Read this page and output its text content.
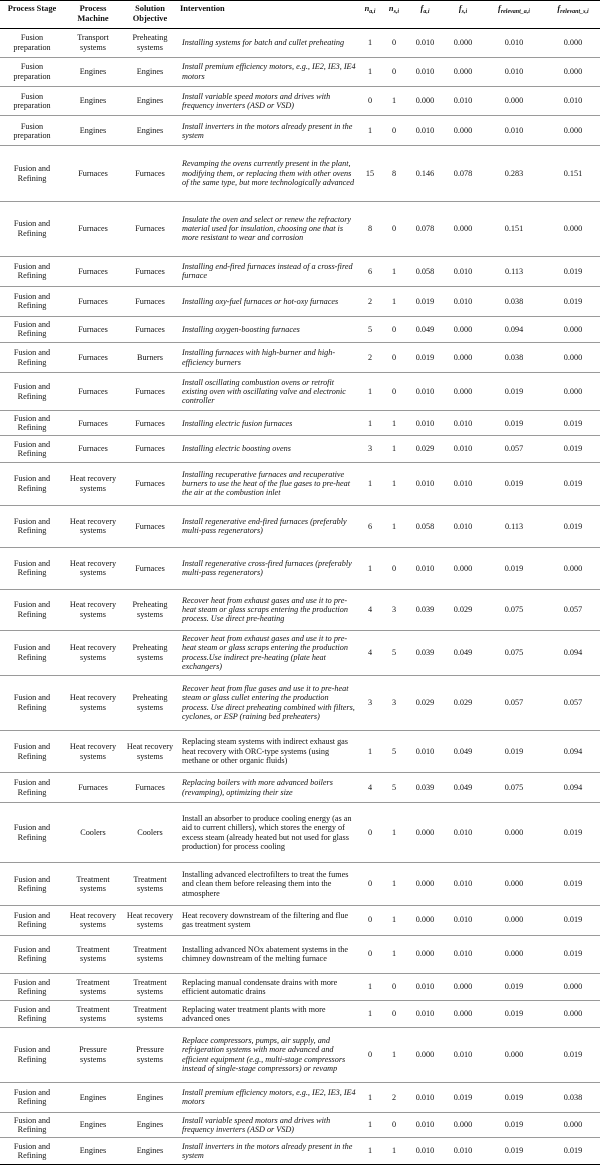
Process Stage	Process Machine	Solution Objective	Intervention	$n_{a,i}$	$n_{s,i}$	$f_{a,i}$	$f_{s,i}$	$f_{relevant\_a,i}$	$f_{relevant\_s,i}$
Fusion preparation	Transport systems	Preheating systems	Installing systems for batch and cullet preheating	1	0	0.010	0.000	0.010	0.000
Fusion preparation	Engines	Engines	Install premium efficiency motors, e.g., IE2, IE3, IE4 motors	1	0	0.010	0.000	0.010	0.000
Fusion preparation	Engines	Engines	Install variable speed motors and drives with frequency inverters (ASD or VSD)	0	1	0.000	0.010	0.000	0.010
Fusion preparation	Engines	Engines	Install inverters in the motors already present in the system	1	0	0.010	0.000	0.010	0.000
Fusion and Refining	Furnaces	Furnaces	Revamping the ovens currently present in the plant, modifying them, or replacing them with other ovens of the same type, but more technologically advanced	15	8	0.146	0.078	0.283	0.151
Fusion and Refining	Furnaces	Furnaces	Insulate the oven and select or renew the refractory material used for insulation, choosing one that is more resistant to wear and corrosion	8	0	0.078	0.000	0.151	0.000
Fusion and Refining	Furnaces	Furnaces	Installing end-fired furnaces instead of a cross-fired furnace	6	1	0.058	0.010	0.113	0.019
Fusion and Refining	Furnaces	Furnaces	Installing oxy-fuel furnaces or hot-oxy furnaces	2	1	0.019	0.010	0.038	0.019
Fusion and Refining	Furnaces	Furnaces	Installing oxygen-boosting furnaces	5	0	0.049	0.000	0.094	0.000
Fusion and Refining	Furnaces	Burners	Installing furnaces with high-burner and high-efficiency burners	2	0	0.019	0.000	0.038	0.000
Fusion and Refining	Furnaces	Furnaces	Install oscillating combustion ovens or retrofit existing oven with oscillating valve and electronic controller	1	0	0.010	0.000	0.019	0.000
Fusion and Refining	Furnaces	Furnaces	Installing electric fusion furnaces	1	1	0.010	0.010	0.019	0.019
Fusion and Refining	Furnaces	Furnaces	Installing electric boosting ovens	3	1	0.029	0.010	0.057	0.019
Fusion and Refining	Heat recovery systems	Furnaces	Installing recuperative furnaces and recuperative burners to use the heat of the flue gases to pre-heat the air at the combustion inlet	1	1	0.010	0.010	0.019	0.019
Fusion and Refining	Heat recovery systems	Furnaces	Install regenerative end-fired furnaces (preferably multi-pass regenerators)	6	1	0.058	0.010	0.113	0.019
Fusion and Refining	Heat recovery systems	Furnaces	Install regenerative cross-fired furnaces (preferably multi-pass regenerators)	1	0	0.010	0.000	0.019	0.000
Fusion and Refining	Heat recovery systems	Preheating systems	Recover heat from exhaust gases and use it to pre-heat steam or glass scraps entering the production process. Use direct pre-heating	4	3	0.039	0.029	0.075	0.057
Fusion and Refining	Heat recovery systems	Preheating systems	Recover heat from exhaust gases and use it to pre-heat steam or glass scraps entering the production process.Use indirect pre-heating (plate heat exchangers)	4	5	0.039	0.049	0.075	0.094
Fusion and Refining	Heat recovery systems	Preheating systems	Recover heat from flue gases and use it to pre-heat steam or glass cullet entering the production process. Use direct preheating combined with filters, cyclones, or ESP (raining bed preheaters)	3	3	0.029	0.029	0.057	0.057
Fusion and Refining	Heat recovery systems	Heat recovery systems	Replacing steam systems with indirect exhaust gas heat recovery with ORC-type systems (using methane or other organic fluids)	1	5	0.010	0.049	0.019	0.094
Fusion and Refining	Furnaces	Furnaces	Replacing boilers with more advanced boilers (revamping), optimizing their size	4	5	0.039	0.049	0.075	0.094
Fusion and Refining	Coolers	Coolers	Install an absorber to produce cooling energy (as an aid to current chillers), which stores the energy of excess steam (already heated but not used for glass production) for process cooling	0	1	0.000	0.010	0.000	0.019
Fusion and Refining	Treatment systems	Treatment systems	Installing advanced electrofilters to treat the fumes and clean them before releasing them into the atmosphere	0	1	0.000	0.010	0.000	0.019
Fusion and Refining	Heat recovery systems	Heat recovery systems	Heat recovery downstream of the filtering and flue gas treatment system	0	1	0.000	0.010	0.000	0.019
Fusion and Refining	Treatment systems	Treatment systems	Installing advanced NOx abatement systems in the chimney downstream of the melting furnace	0	1	0.000	0.010	0.000	0.019
Fusion and Refining	Treatment systems	Treatment systems	Replacing manual condensate drains with more efficient automatic drains	1	0	0.010	0.000	0.019	0.000
Fusion and Refining	Treatment systems	Treatment systems	Replacing water treatment plants with more advanced ones	1	0	0.010	0.000	0.019	0.000
Fusion and Refining	Pressure systems	Pressure systems	Replace compressors, pumps, air supply, and refrigeration systems with more advanced and efficient equipment (e.g., multi-stage compressors instead of single-stage compressors) or revamp	0	1	0.000	0.010	0.000	0.019
Fusion and Refining	Engines	Engines	Install premium efficiency motors, e.g., IE2, IE3, IE4 motors	1	2	0.010	0.019	0.019	0.038
Fusion and Refining	Engines	Engines	Install variable speed motors and drives with frequency inverters (ASD or VSD)	1	0	0.010	0.000	0.019	0.000
Fusion and Refining	Engines	Engines	Install inverters in the motors already present in the system	1	1	0.010	0.010	0.019	0.019
